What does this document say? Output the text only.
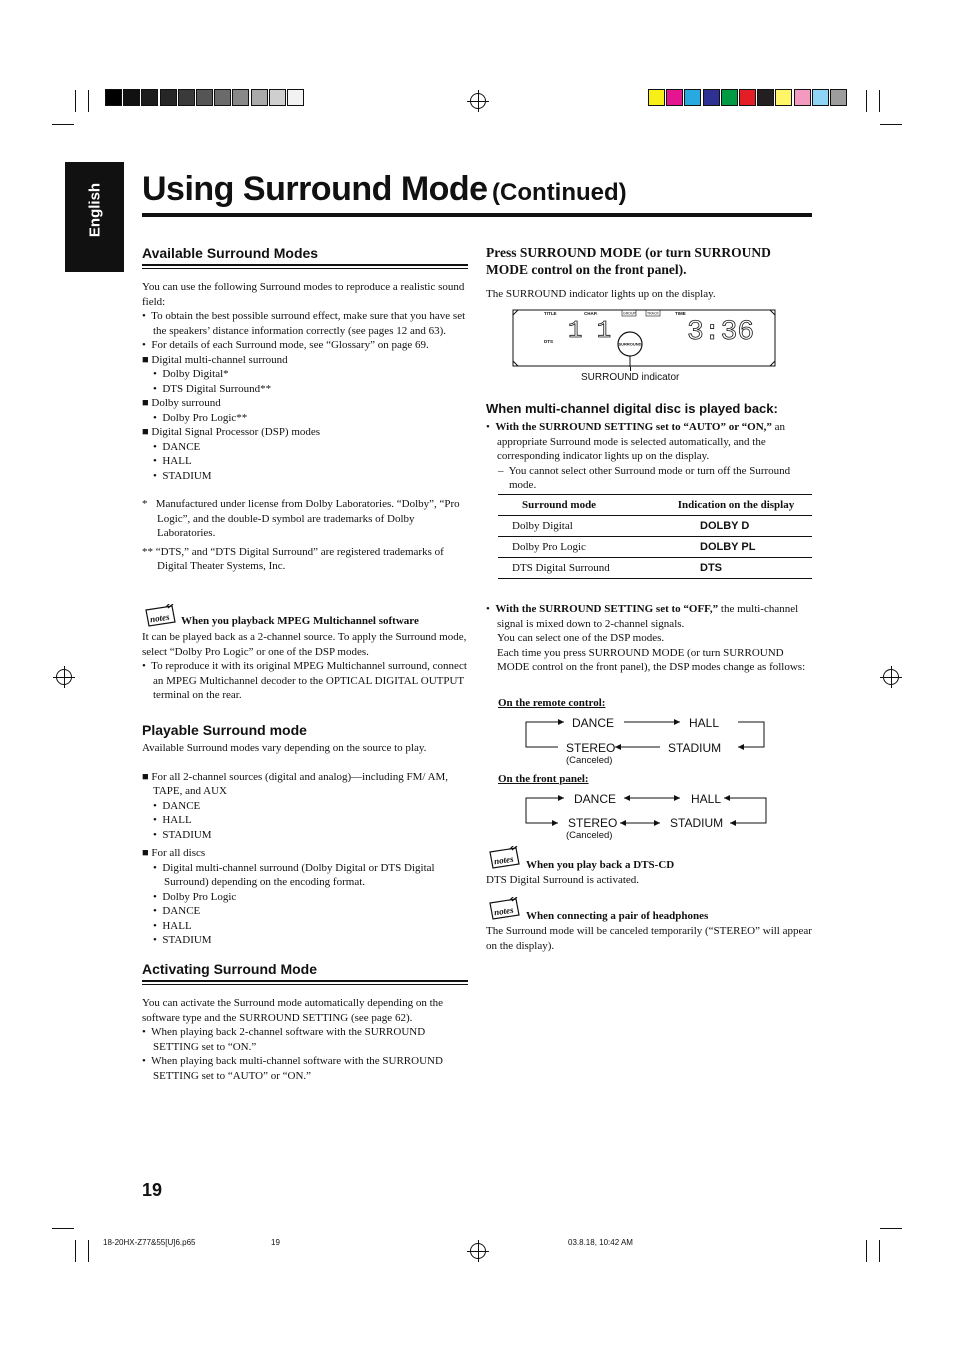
English Using Surround Mode (Continued)
Available Surround Modes
You can use the following Surround modes to reproduce a realistic sound field:
•  To obtain the best possible surround effect, make sure that you have set the speakers’ distance information correctly (see pages 12 and 63).
•  For details of each Surround mode, see “Glossary” on page 69.
■ Digital multi-channel surround
•  Dolby Digital*
•  DTS Digital Surround**
■ Dolby surround
•  Dolby Pro Logic**
■ Digital Signal Processor (DSP) modes
•  DANCE
•  HALL
•  STADIUM
* Manufactured under license from Dolby Laboratories. “Dolby”, “Pro Logic”, and the double-D symbol are trademarks of Dolby Laboratories.
** “DTS,” and “DTS Digital Surround” are registered trademarks of Digital Theater Systems, Inc.
notes When you playback MPEG Multichannel software
It can be played back as a 2-channel source. To apply the Surround mode, select “Dolby Pro Logic” or one of the DSP modes.
•  To reproduce it with its original MPEG Multichannel surround, connect an MPEG Multichannel decoder to the OPTICAL DIGITAL OUTPUT terminal on the rear.
Playable Surround mode
Available Surround modes vary depending on the source to play.
■ For all 2-channel sources (digital and analog)—including FM/ AM, TAPE, and AUX
•  DANCE
•  HALL
•  STADIUM
■ For all discs
•  Digital multi-channel surround (Dolby Digital or DTS Digital Surround) depending on the encoding format.
•  Dolby Pro Logic
•  DANCE
•  HALL
•  STADIUM
Activating Surround Mode
You can activate the Surround mode automatically depending on the software type and the SURROUND SETTING (see page 62).
•  When playing back 2-channel software with the SURROUND SETTING set to “ON.”
•  When playing back multi-channel software with the SURROUND SETTING set to “AUTO” or “ON.”
Press SURROUND MODE (or turn SURROUND MODE control on the front panel).
The SURROUND indicator lights up on the display.
TITLE	CHAP.	GROUP	TRACK	TIME
DTS 1 1	3:36
SURROUND
SURROUND indicator
When multi-channel digital disc is played back:
•  With the SURROUND SETTING set to “AUTO” or “ON,” an appropriate Surround mode is selected automatically, and the corresponding indicator lights up on the display.
–  You cannot select other Surround mode or turn off the Surround mode.
Surround mode	Indication on the display
Dolby Digital	DOLBY D
Dolby Pro Logic	DOLBY PL
DTS Digital Surround	DTS
•  With the SURROUND SETTING set to “OFF,” the multi-channel signal is mixed down to 2-channel signals.
You can select one of the DSP modes.
Each time you press SURROUND MODE (or turn SURROUND MODE control on the front panel), the DSP modes change as follows:
On the remote control:
DANCE	HALL
STEREO	STADIUM
(Canceled)
On the front panel:
DANCE	HALL
STEREO	STADIUM
(Canceled)
notes When you play back a DTS-CD
DTS Digital Surround is activated.
notes When connecting a pair of headphones
The Surround mode will be canceled temporarily (“STEREO” will appear on the display).
19
18-20HX-Z77&55[U]6.p65	19	03.8.18, 10:42 AM
